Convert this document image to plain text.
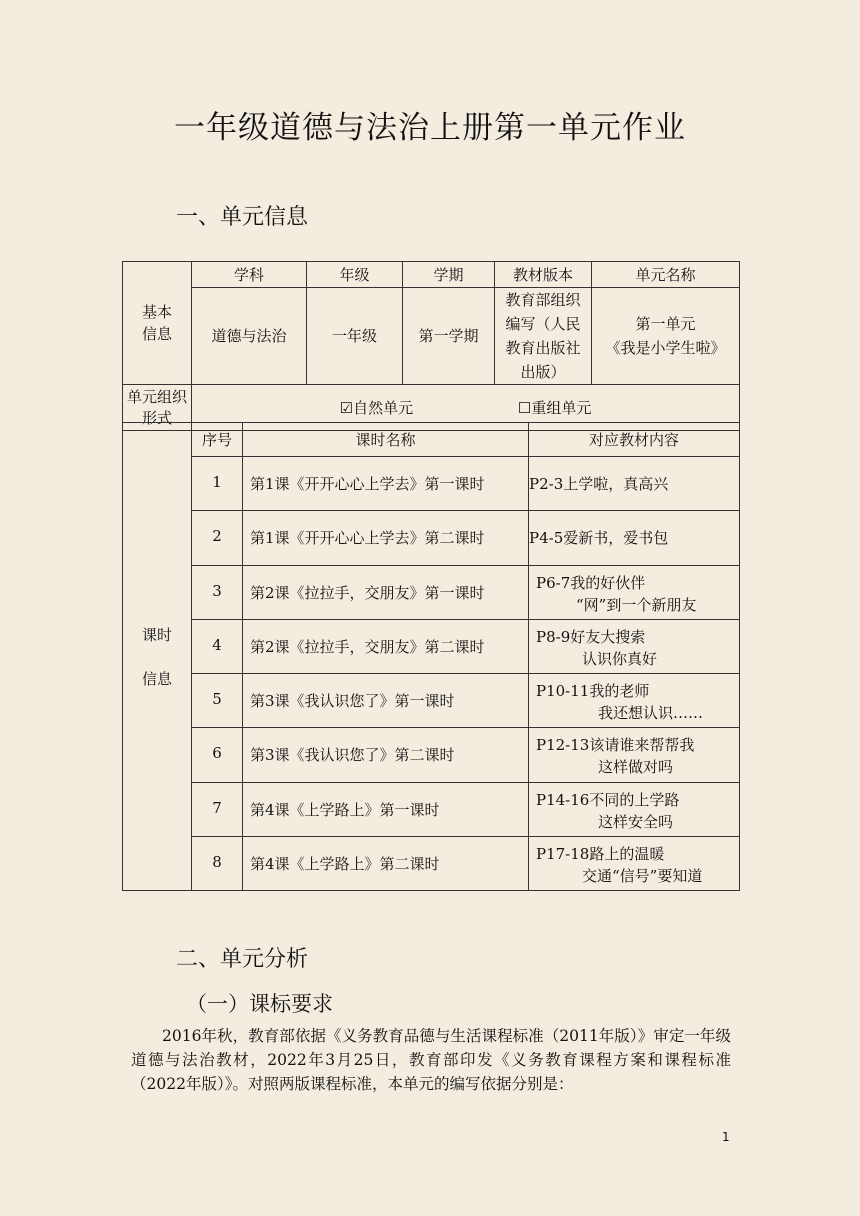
一年级道德与法治上册第一单元作业
一、单元信息
基本
信息	学科	年级	学期	教材版本	单元名称
	道德与法治	一年级	第一学期	教育部组织编写（人民教育出版社出版）	第一单元
《我是小学生啦》
单元组织形式	☑自然单元 ☐重组单元				
课时

信息	序号	课时名称	对应教材内容
	1	第1课《开开心心上学去》第一课时	P2-3上学啦，真高兴

	2	第1课《开开心心上学去》第二课时	P4-5爱新书，爱书包

	3	第2课《拉拉手，交朋友》第一课时	P6-7我的好伙伴
“网”到一个新朋友

	4	第2课《拉拉手，交朋友》第二课时	P8-9好友大搜索
认识你真好

	5	第3课《我认识您了》第一课时	P10-11我的老师
我还想认识……

	6	第3课《我认识您了》第二课时	P12-13该请谁来帮帮我
这样做对吗

	7	第4课《上学路上》第一课时	P14-16不同的上学路
这样安全吗

	8	第4课《上学路上》第二课时	P17-18路上的温暖
交通“信号”要知道
二、单元分析
（一）课标要求
2016年秋，教育部依据《义务教育品德与生活课程标准（2011年版）》审定一年级道德与法治教材，2022年3月25日，教育部印发《义务教育课程方案和课程标准（2022年版）》。对照两版课程标准，本单元的编写依据分别是：
1
